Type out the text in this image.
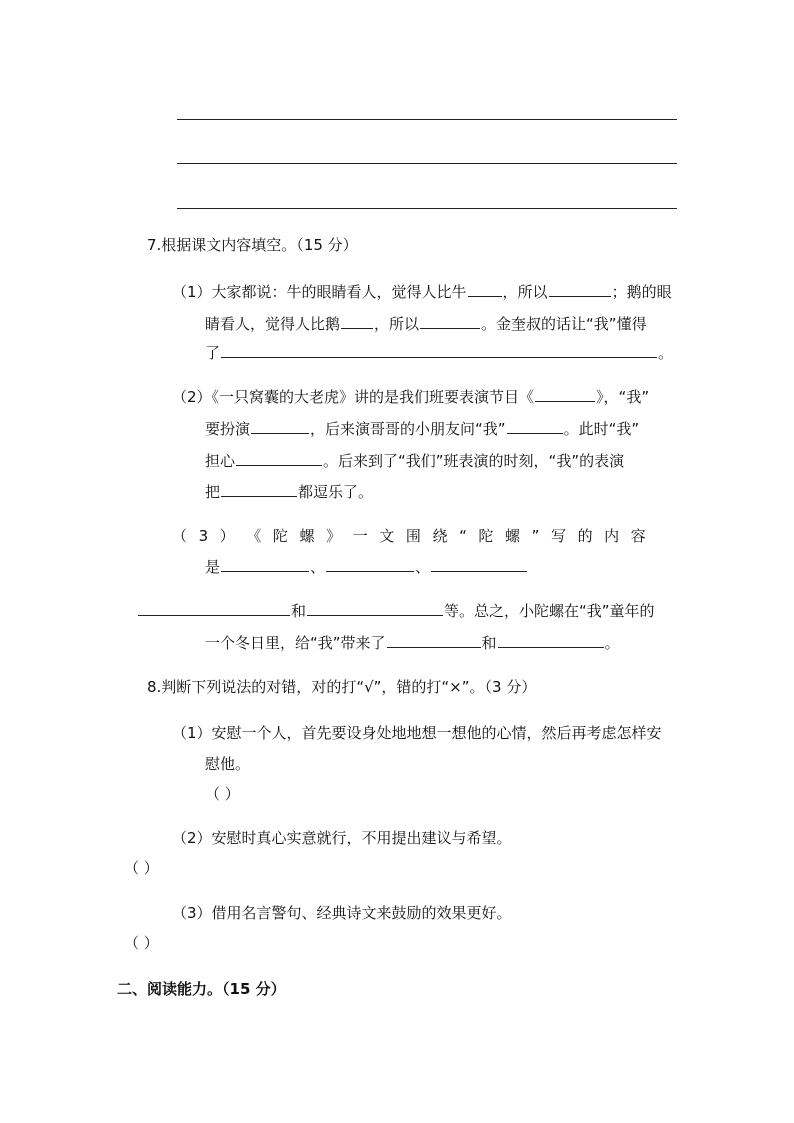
7.根据课文内容填空。（15 分）
（1）大家都说：牛的眼睛看人，觉得人比牛 ，所以	；鹅的眼
睛看人，觉得人比鹅 ，所以	。金奎叔的话让“我”懂得
了	。
（2）《一只窝囊的大老虎》讲的是我们班要表演节目《	》，“我”
要扮演	，后来演哥哥的小朋友问“我”	。此时“我”
担心	。后来到了“我们”班表演的时刻，“我”的表演
把	都逗乐了。
（ 3 ） 《 陀 螺 》 一 文 围 绕 “ 陀 螺 ” 写 的 内 容
是	、	、
和	等。总之，小陀螺在“我”童年的
一个冬日里，给“我”带来了	和	。
8.判断下列说法的对错，对的打“√”，错的打“×”。（3 分）
（1）安慰一个人，首先要设身处地地想一想他的心情，然后再考虑怎样安
慰他。
（ ）
（2）安慰时真心实意就行，不用提出建议与希望。
（ ）
（3）借用名言警句、经典诗文来鼓励的效果更好。
（ ）
二、阅读能力。（15 分）
